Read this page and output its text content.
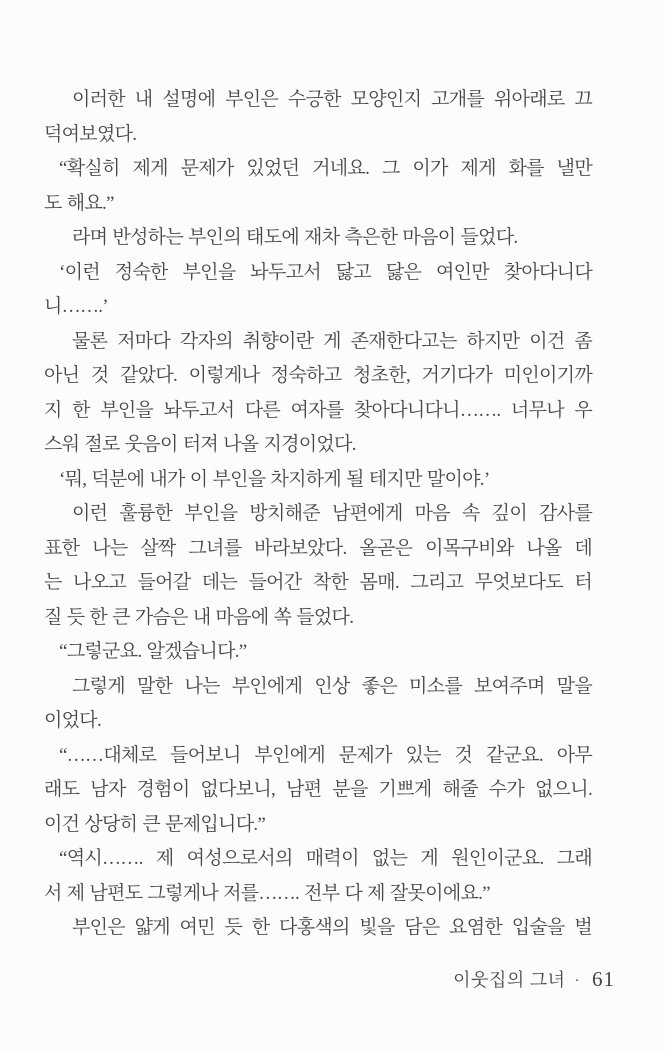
이러한 내 설명에 부인은 수긍한 모양인지 고개를 위아래로 끄
덕여보였다.
“확실히 제게 문제가 있었던 거네요. 그 이가 제게 화를 낼만
도 해요.”
라며 반성하는 부인의 태도에 재차 측은한 마음이 들었다.
‘이런 정숙한 부인을 놔두고서 닳고 닳은 여인만 찾아다니다
니…….’
물론 저마다 각자의 취향이란 게 존재한다고는 하지만 이건 좀
아닌 것 같았다. 이렇게나 정숙하고 청초한, 거기다가 미인이기까
지 한 부인을 놔두고서 다른 여자를 찾아다니다니……. 너무나 우
스워 절로 웃음이 터져 나올 지경이었다.
‘뭐, 덕분에 내가 이 부인을 차지하게 될 테지만 말이야.’
이런 훌륭한 부인을 방치해준 남편에게 마음 속 깊이 감사를
표한 나는 살짝 그녀를 바라보았다. 올곧은 이목구비와 나올 데
는 나오고 들어갈 데는 들어간 착한 몸매. 그리고 무엇보다도 터
질 듯 한 큰 가슴은 내 마음에 쏙 들었다.
“그렇군요. 알겠습니다.”
그렇게 말한 나는 부인에게 인상 좋은 미소를 보여주며 말을
이었다.
“……대체로 들어보니 부인에게 문제가 있는 것 같군요. 아무
래도 남자 경험이 없다보니, 남편 분을 기쁘게 해줄 수가 없으니.
이건 상당히 큰 문제입니다.”
“역시……. 제 여성으로서의 매력이 없는 게 원인이군요. 그래
서 제 남편도 그렇게나 저를……. 전부 다 제 잘못이에요.”
부인은 얇게 여민 듯 한 다홍색의 빛을 담은 요염한 입술을 벌
이웃집의 그녀 · 61
